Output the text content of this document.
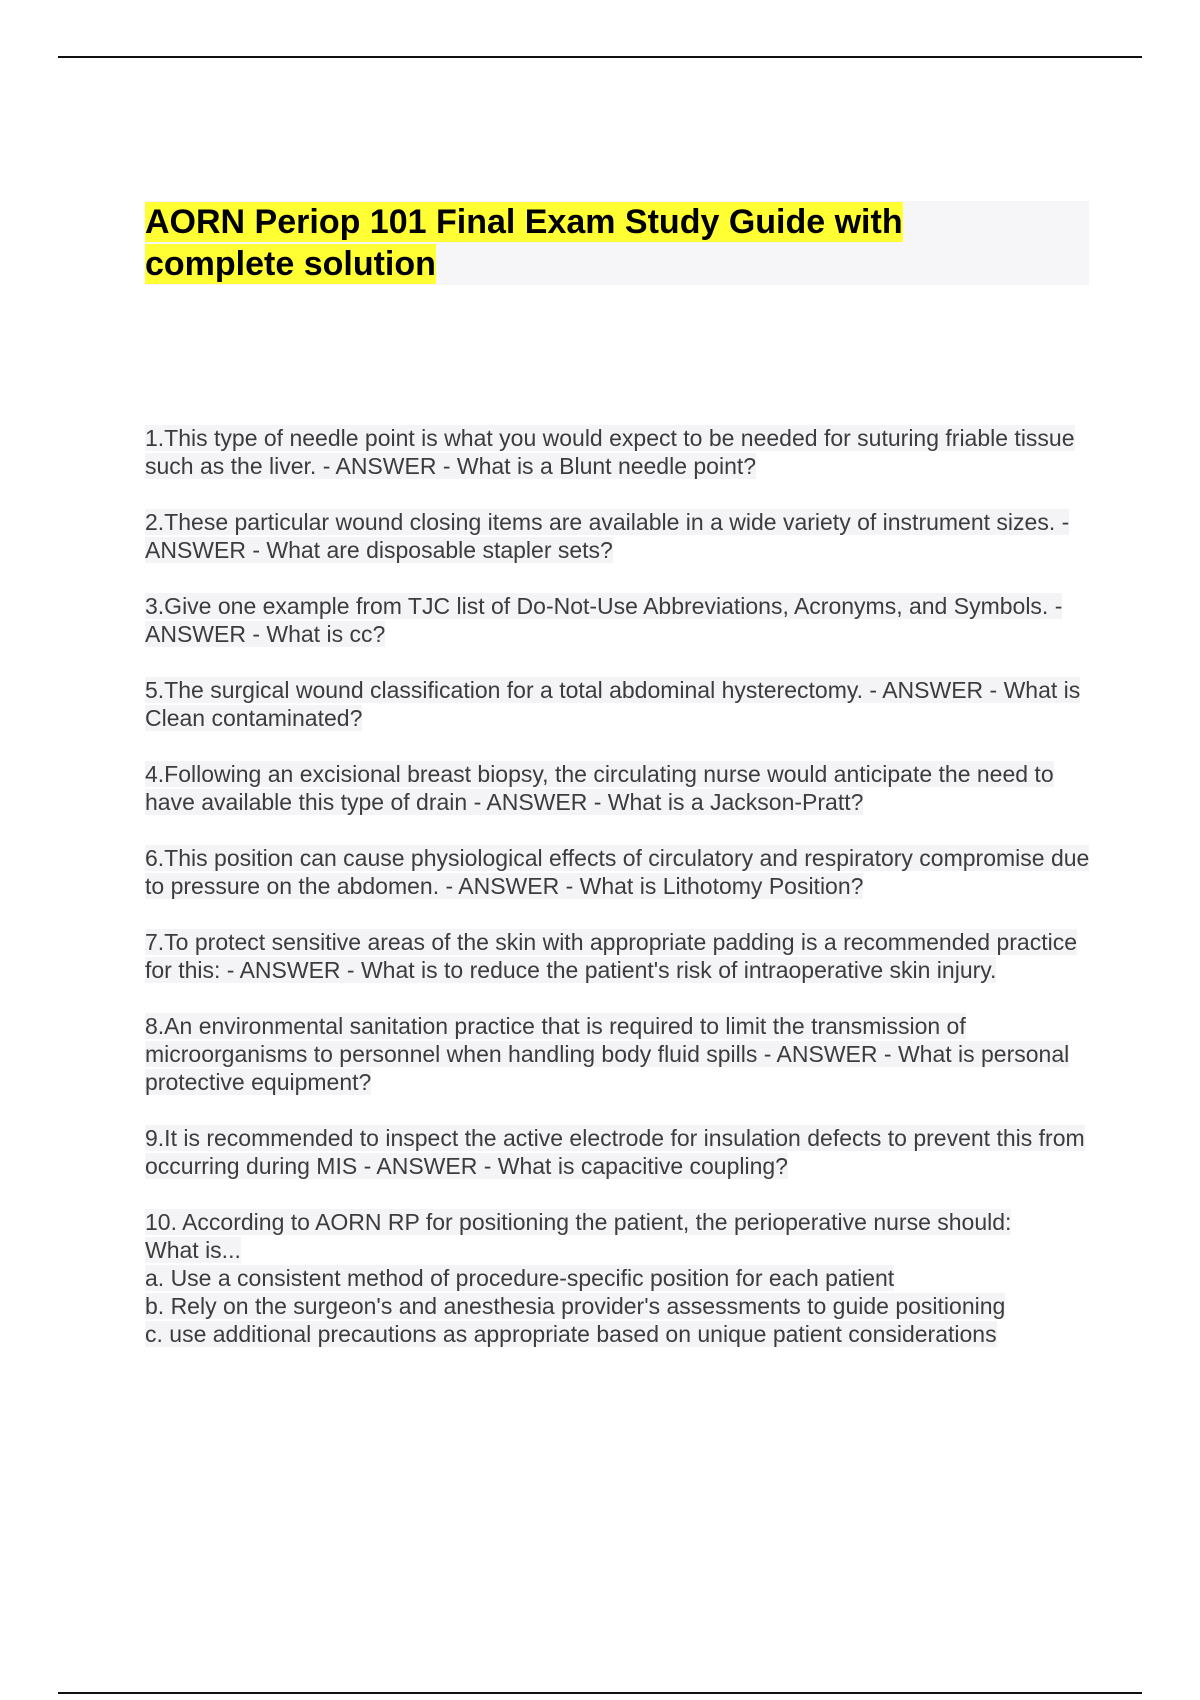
AORN Periop 101 Final Exam Study Guide with complete solution
1.This type of needle point is what you would expect to be needed for suturing friable tissue such as the liver. - ANSWER - What is a Blunt needle point?
2.These particular wound closing items are available in a wide variety of instrument sizes. - ANSWER - What are disposable stapler sets?
3.Give one example from TJC list of Do-Not-Use Abbreviations, Acronyms, and Symbols. - ANSWER - What is cc?
5.The surgical wound classification for a total abdominal hysterectomy. - ANSWER - What is Clean contaminated?
4.Following an excisional breast biopsy, the circulating nurse would anticipate the need to have available this type of drain - ANSWER - What is a Jackson-Pratt?
6.This position can cause physiological effects of circulatory and respiratory compromise due to pressure on the abdomen. - ANSWER - What is Lithotomy Position?
7.To protect sensitive areas of the skin with appropriate padding is a recommended practice for this: - ANSWER - What is to reduce the patient's risk of intraoperative skin injury.
8.An environmental sanitation practice that is required to limit the transmission of microorganisms to personnel when handling body fluid spills - ANSWER - What is personal protective equipment?
9.It is recommended to inspect the active electrode for insulation defects to prevent this from occurring during MIS - ANSWER - What is capacitive coupling?
10. According to AORN RP for positioning the patient, the perioperative nurse should:
What is...
a. Use a consistent method of procedure-specific position for each patient
b. Rely on the surgeon's and anesthesia provider's assessments to guide positioning
c. use additional precautions as appropriate based on unique patient considerations
